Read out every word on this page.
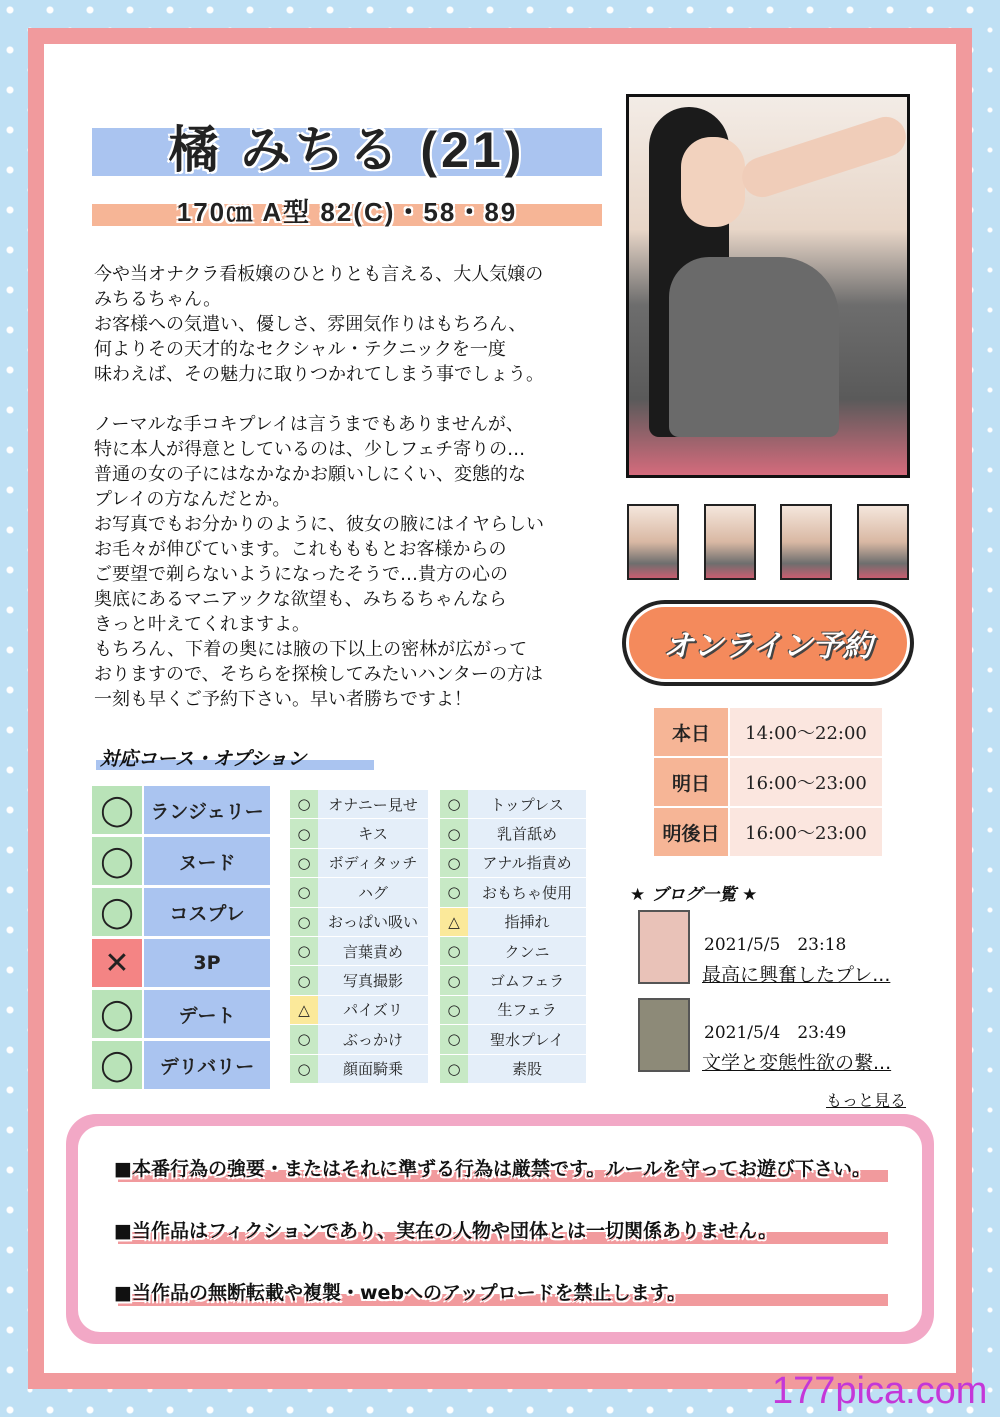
橘 みちる (21)
170㎝ A型 82(C)・58・89

今や当オナクラ看板嬢のひとりとも言える、大人気嬢の

みちるちゃん。

お客様への気遣い、優しさ、雰囲気作りはもちろん、

何よりその天才的なセクシャル・テクニックを一度

味わえば、その魅力に取りつかれてしまう事でしょう。

ノーマルな手コキプレイは言うまでもありませんが、

特に本人が得意としているのは、少しフェチ寄りの…

普通の女の子にはなかなかお願いしにくい、変態的な

プレイの方なんだとか。

お写真でもお分かりのように、彼女の腋にはイヤらしい

お毛々が伸びています。これもももとお客様からの

ご要望で剃らないようになったそうで…貴方の心の

奥底にあるマニアックな欲望も、みちるちゃんなら

きっと叶えてくれますよ。

もちろん、下着の奥には腋の下以上の密林が広がって

おりますので、そちらを探検してみたいハンターの方は

一刻も早くご予約下さい。早い者勝ちですよ！

オンライン予約
本日	14:00〜22:00
明日	16:00〜23:00
明後日	16:00〜23:00
★ ブログ一覧 ★
2021/5/5　23:18
最高に興奮したプレ...
2021/5/4　23:49
文学と変態性欲の繋...
もっと見る
対応コース・オプション
◯ ランジェリー
◯	ヌード
◯	コスプレ
✕	3P
◯	デート
◯	デリバリー
○	オナニー見せ
○	キス
○	ボディタッチ
○	ハグ
○	おっぱい吸い
○	言葉責め
○	写真撮影
△	パイズリ
○	ぶっかけ
○	顔面騎乗
○	トップレス
○	乳首舐め
○	アナル指責め
○	おもちゃ使用
△	指挿れ
○	クンニ
○	ゴムフェラ
○	生フェラ
○	聖水プレイ
○	素股
■本番行為の強要・またはそれに準ずる行為は厳禁です。ルールを守ってお遊び下さい。
■当作品はフィクションであり、実在の人物や団体とは一切関係ありません。
■当作品の無断転載や複製・webへのアップロードを禁止します。
177pica.com
